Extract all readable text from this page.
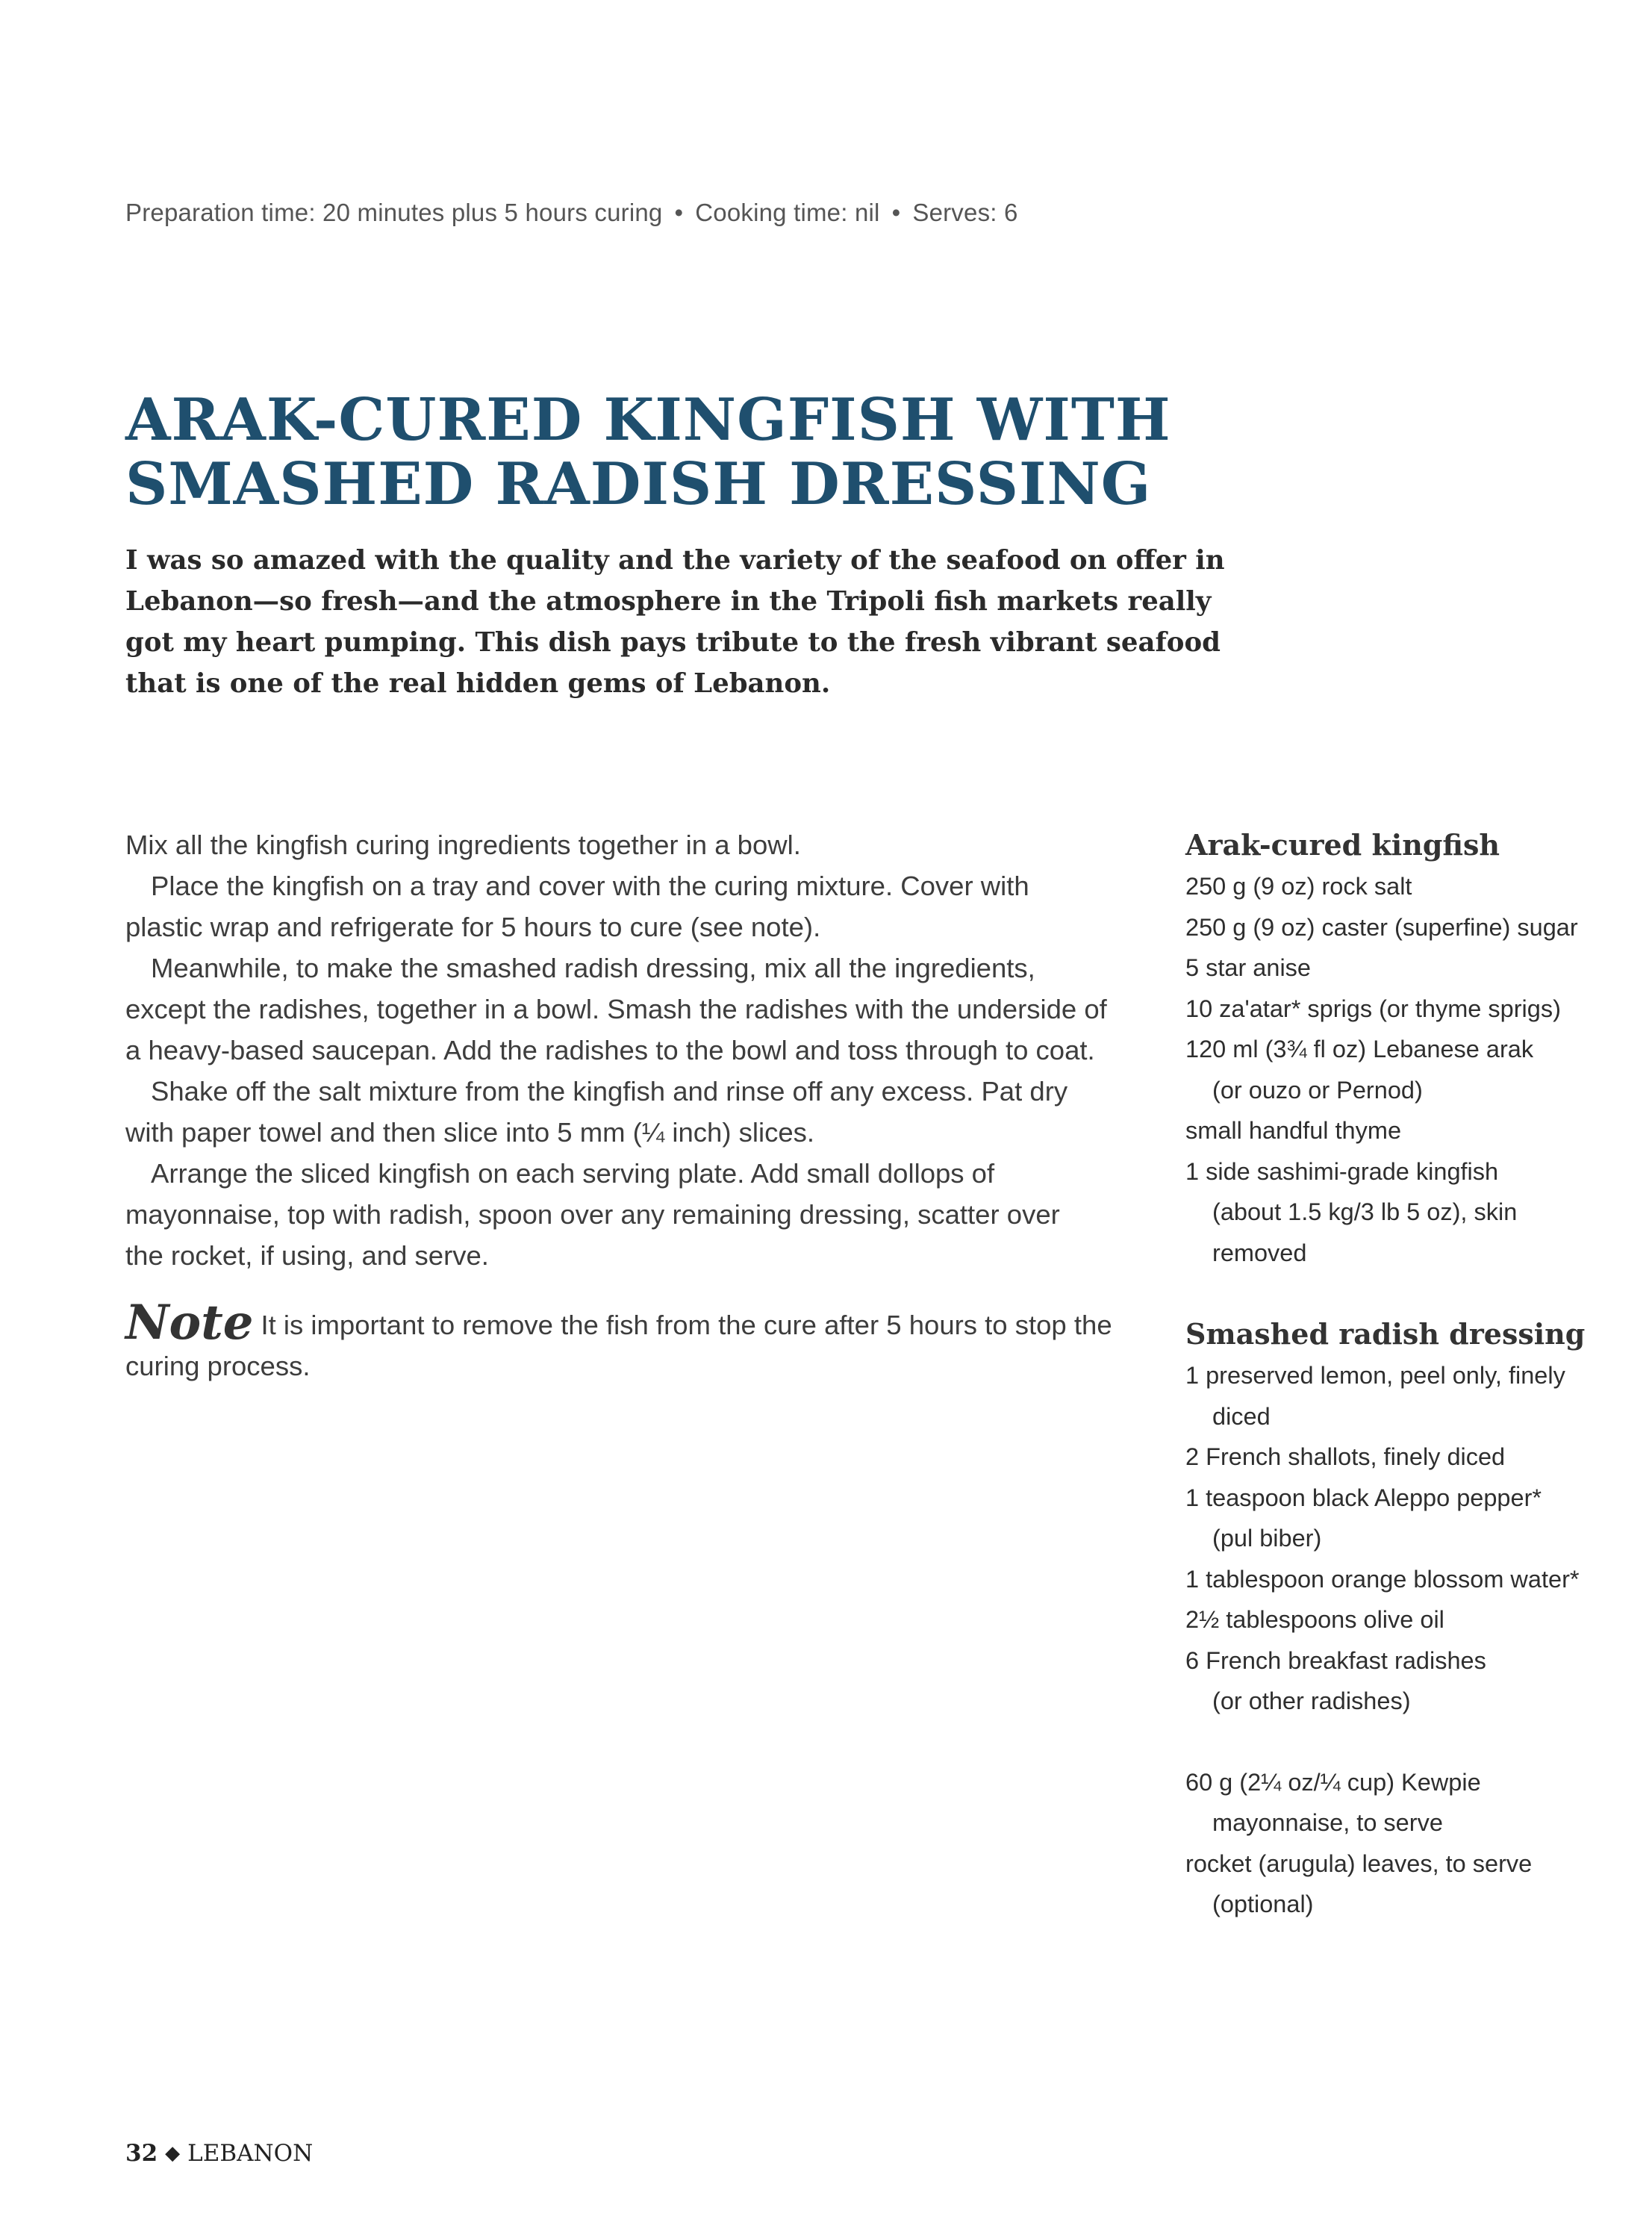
Preparation time: 20 minutes plus 5 hours curing • Cooking time: nil • Serves: 6
ARAK-CURED KINGFISH WITH
SMASHED RADISH DRESSING
I was so amazed with the quality and the variety of the seafood on offer in
Lebanon—so fresh—and the atmosphere in the Tripoli fish markets really
got my heart pumping. This dish pays tribute to the fresh vibrant seafood
that is one of the real hidden gems of Lebanon.
Mix all the kingfish curing ingredients together in a bowl.
Place the kingfish on a tray and cover with the curing mixture. Cover with
plastic wrap and refrigerate for 5 hours to cure (see note).
Meanwhile, to make the smashed radish dressing, mix all the ingredients,
except the radishes, together in a bowl. Smash the radishes with the underside of
a heavy-based saucepan. Add the radishes to the bowl and toss through to coat.
Shake off the salt mixture from the kingfish and rinse off any excess. Pat dry
with paper towel and then slice into 5 mm (¼ inch) slices.
Arrange the sliced kingfish on each serving plate. Add small dollops of
mayonnaise, top with radish, spoon over any remaining dressing, scatter over
the rocket, if using, and serve.
Note It is important to remove the fish from the cure after 5 hours to stop the
curing process.
Arak-cured kingfish
250 g (9 oz) rock salt
250 g (9 oz) caster (superfine) sugar
5 star anise
10 za'atar* sprigs (or thyme sprigs)
120 ml (3¾ fl oz) Lebanese arak
(or ouzo or Pernod)
small handful thyme
1 side sashimi-grade kingfish
(about 1.5 kg/3 lb 5 oz), skin
removed
Smashed radish dressing
1 preserved lemon, peel only, finely
diced
2 French shallots, finely diced
1 teaspoon black Aleppo pepper*
(pul biber)
1 tablespoon orange blossom water*
2½ tablespoons olive oil
6 French breakfast radishes
(or other radishes)
60 g (2¼ oz/¼ cup) Kewpie
mayonnaise, to serve
rocket (arugula) leaves, to serve
(optional)
32 ◆ LEBANON
